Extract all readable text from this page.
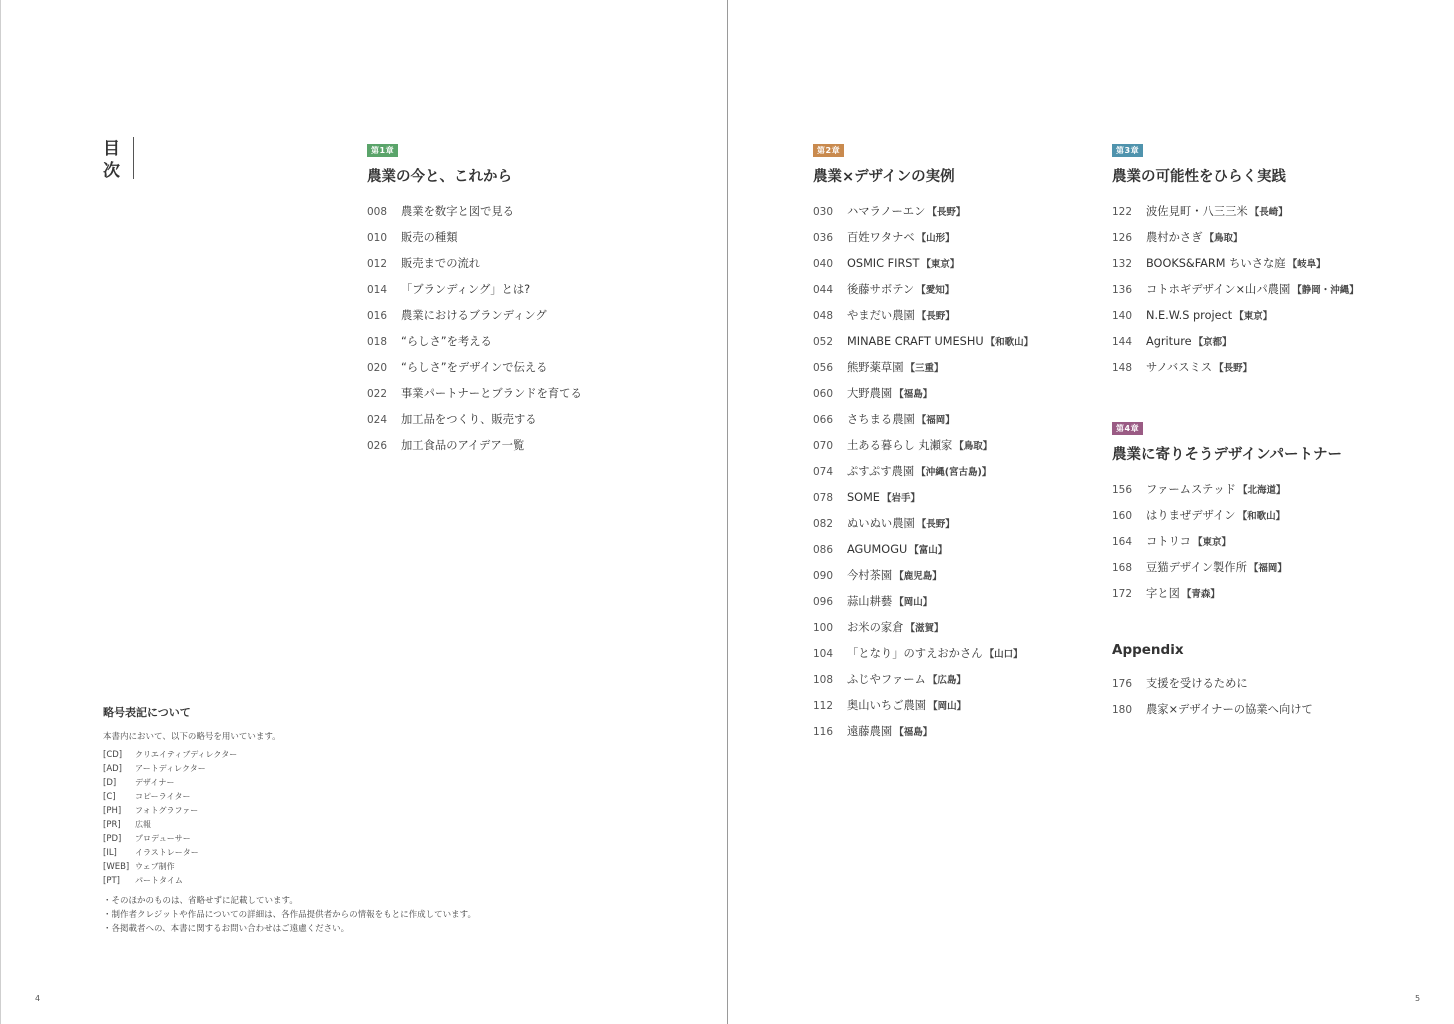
目
次
第1章
農業の今と、これから
008 農業を数字と図で見る
010 販売の種類
012 販売までの流れ
014 「ブランディング」とは?
016 農業におけるブランディング
018 “らしさ”を考える
020 “らしさ”をデザインで伝える
022 事業パートナーとブランドを育てる
024 加工品をつくり、販売する
026 加工食品のアイデア一覧
第2章
農業×デザインの実例
030 ハマラノーエン 【長野】
036 百姓ワタナベ 【山形】
040 OSMIC FIRST 【東京】
044 後藤サボテン 【愛知】
048 やまだい農園 【長野】
052 MINABE CRAFT UMESHU 【和歌山】
056 熊野薬草園 【三重】
060 大野農園 【福島】
066 さちまる農園 【福岡】
070 土ある暮らし 丸瀬家 【鳥取】
074 ぷすぷす農園 【沖縄(宮古島)】
078 SOME 【岩手】
082 ぬいぬい農園 【長野】
086 AGUMOGU 【富山】
090 今村茶園 【鹿児島】
096 蒜山耕藝 【岡山】
100 お米の家倉 【滋賀】
104 「となり」のすえおかさん 【山口】
108 ふじやファーム 【広島】
112 奥山いちご農園 【岡山】
116 遠藤農園 【福島】
第3章
農業の可能性をひらく実践
122 波佐見町・八三三米 【長崎】
126 農村かさぎ 【鳥取】
132 BOOKS&FARM ちいさな庭 【岐阜】
136 コトホギデザイン×山パ農園 【静岡・沖縄】
140 N.E.W.S project 【東京】
144 Agriture 【京都】
148 サノバスミス 【長野】
第4章
農業に寄りそうデザインパートナー
156 ファームステッド 【北海道】
160 はりまぜデザイン 【和歌山】
164 コトリコ 【東京】
168 豆猫デザイン製作所 【福岡】
172 字と図 【青森】
Appendix
176 支援を受けるために
180 農家×デザイナーの協業へ向けて
略号表記について
本書内において、以下の略号を用いています。
[CD] クリエイティブディレクター
[AD] アートディレクター
[D] デザイナー
[C] コピーライター
[PH] フォトグラファー
[PR] 広報
[PD] プロデューサー
[IL] イラストレーター
[WEB] ウェブ制作
[PT] パートタイム
・そのほかのものは、省略せずに記載しています。
・制作者クレジットや作品についての詳細は、各作品提供者からの情報をもとに作成しています。
・各掲載者への、本書に関するお問い合わせはご遠慮ください。
4	5
